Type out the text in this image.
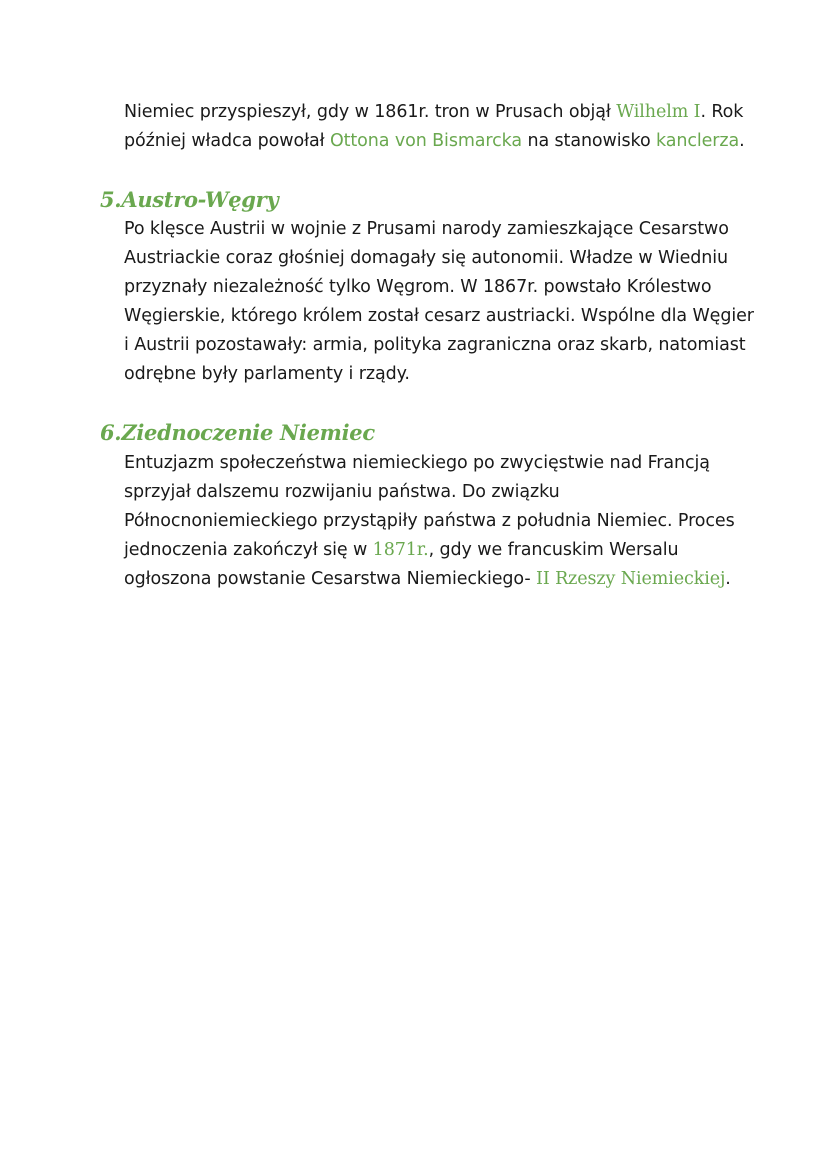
Niemiec przyspieszył, gdy w 1861r. tron w Prusach objął Wilhelm I. Rok później władca powołał Ottona von Bismarcka na stanowisko kanclerza.
5.Austro-Węgry
Po klęsce Austrii w wojnie z Prusami narody zamieszkające Cesarstwo Austriackie coraz głośniej domagały się autonomii. Władze w Wiedniu przyznały niezależność tylko Węgrom. W 1867r. powstało Królestwo Węgierskie, którego królem został cesarz austriacki. Wspólne dla Węgier i Austrii pozostawały: armia, polityka zagraniczna oraz skarb, natomiast odrębne były parlamenty i rządy.
6.Ziednoczenie Niemiec
Entuzjazm społeczeństwa niemieckiego po zwycięstwie nad Francją sprzyjał dalszemu rozwijaniu państwa. Do związku Północnoniemieckiego przystąpiły państwa z południa Niemiec. Proces jednoczenia zakończył się w 1871r., gdy we francuskim Wersalu ogłoszona powstanie Cesarstwa Niemieckiego- II Rzeszy Niemieckiej.
